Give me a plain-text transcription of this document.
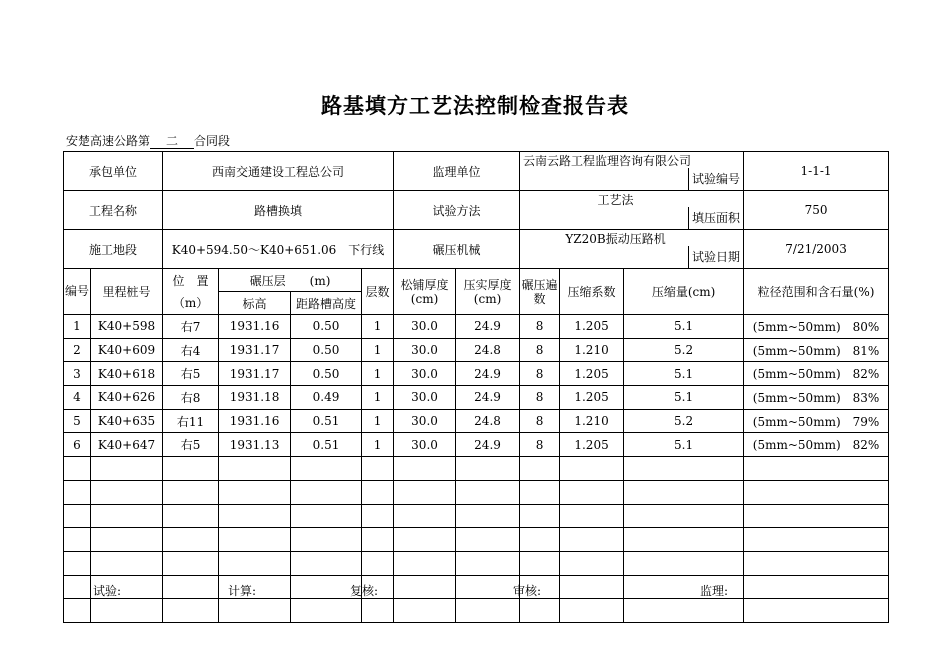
路基填方工艺法控制检查报告表
安楚高速公路第 二 合同段
承包单位		西南交通建设工程总公司				监理单位		云南云路工程监理咨询有限公司
试验编号			1-1-1
工程名称		路槽换填				试验方法		工艺法
填压面积			750
施工地段		K40+594.50～K40+651.06　下行线				碾压机械		YZ20B振动压路机
试验日期			7/21/2003
编号	里程桩号	位　置	碾压层　　(m)		层数	松铺厚度(cm)	压实厚度(cm)	碾压遍数	压缩系数	压缩量(cm)	粒径范围和含石量(%)
		（m）	标高	距路槽高度							
1	K40+598	右7	1931.16	0.50	1	30.0	24.9	8	1.205	5.1	(5mm~50mm)　80%
2	K40+609	右4	1931.17	0.50	1	30.0	24.8	8	1.210	5.2	(5mm~50mm)　81%
3	K40+618	右5	1931.17	0.50	1	30.0	24.9	8	1.205	5.1	(5mm~50mm)　82%
4	K40+626	右8	1931.18	0.49	1	30.0	24.9	8	1.205	5.1	(5mm~50mm)　83%
5	K40+635	右11	1931.16	0.51	1	30.0	24.8	8	1.210	5.2	(5mm~50mm)　79%
6	K40+647	右5	1931.13	0.51	1	30.0	24.9	8	1.205	5.1	(5mm~50mm)　82%

试验:	计算:	复核:	审核:	监理:
